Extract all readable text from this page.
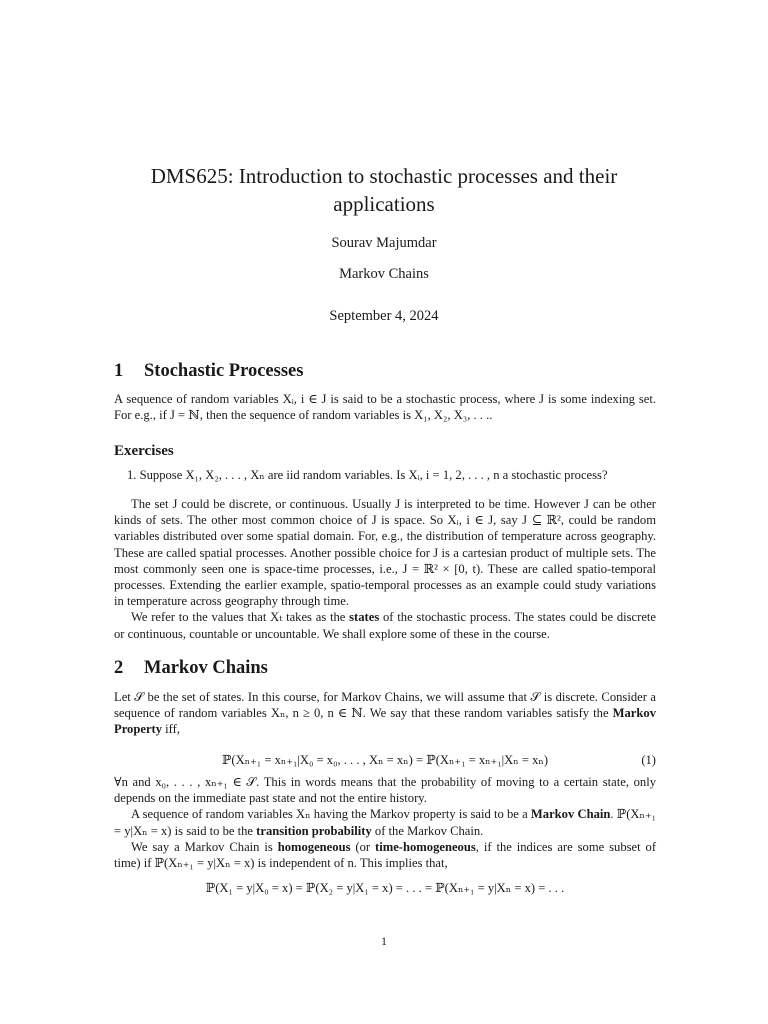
DMS625: Introduction to stochastic processes and their applications
Sourav Majumdar
Markov Chains
September 4, 2024
1 Stochastic Processes

A sequence of random variables Xᵢ, i ∈ J is said to be a stochastic process, where J is some indexing set. For e.g., if J = ℕ, then the sequence of random variables is X₁, X₂, X₃, . . ..

Exercises
1. Suppose X₁, X₂, . . . , Xₙ are iid random variables. Is Xᵢ, i = 1, 2, . . . , n a stochastic process?

The set J could be discrete, or continuous. Usually J is interpreted to be time. However J can be other kinds of sets. The other most common choice of J is space. So Xᵢ, i ∈ J, say J ⊆ ℝ², could be random variables distributed over some spatial domain. For, e.g., the distribution of temperature across geography. These are called spatial processes. Another possible choice for J is a cartesian product of multiple sets. The most commonly seen one is space-time processes, i.e., J = ℝ² × [0, t). These are called spatio-temporal processes. Extending the earlier example, spatio-temporal processes as an example could study variations in temperature across geography through time.

We refer to the values that Xₜ takes as the states of the stochastic process. The states could be discrete or continuous, countable or uncountable. We shall explore some of these in the course.

2 Markov Chains

Let 𝒮 be the set of states. In this course, for Markov Chains, we will assume that 𝒮 is discrete. Consider a sequence of random variables Xₙ, n ≥ 0, n ∈ ℕ. We say that these random variables satisfy the Markov Property iff,

ℙ(Xₙ₊₁ = xₙ₊₁|X₀ = x₀, . . . , Xₙ = xₙ) = ℙ(Xₙ₊₁ = xₙ₊₁|Xₙ = xₙ)	(1)

∀n and x₀, . . . , xₙ₊₁ ∈ 𝒮. This in words means that the probability of moving to a certain state, only depends on the immediate past state and not the entire history.

A sequence of random variables Xₙ having the Markov property is said to be a Markov Chain. ℙ(Xₙ₊₁ = y|Xₙ = x) is said to be the transition probability of the Markov Chain.

We say a Markov Chain is homogeneous (or time-homogeneous, if the indices are some subset of time) if ℙ(Xₙ₊₁ = y|Xₙ = x) is independent of n. This implies that,

ℙ(X₁ = y|X₀ = x) = ℙ(X₂ = y|X₁ = x) = . . . = ℙ(Xₙ₊₁ = y|Xₙ = x) = . . .
1
